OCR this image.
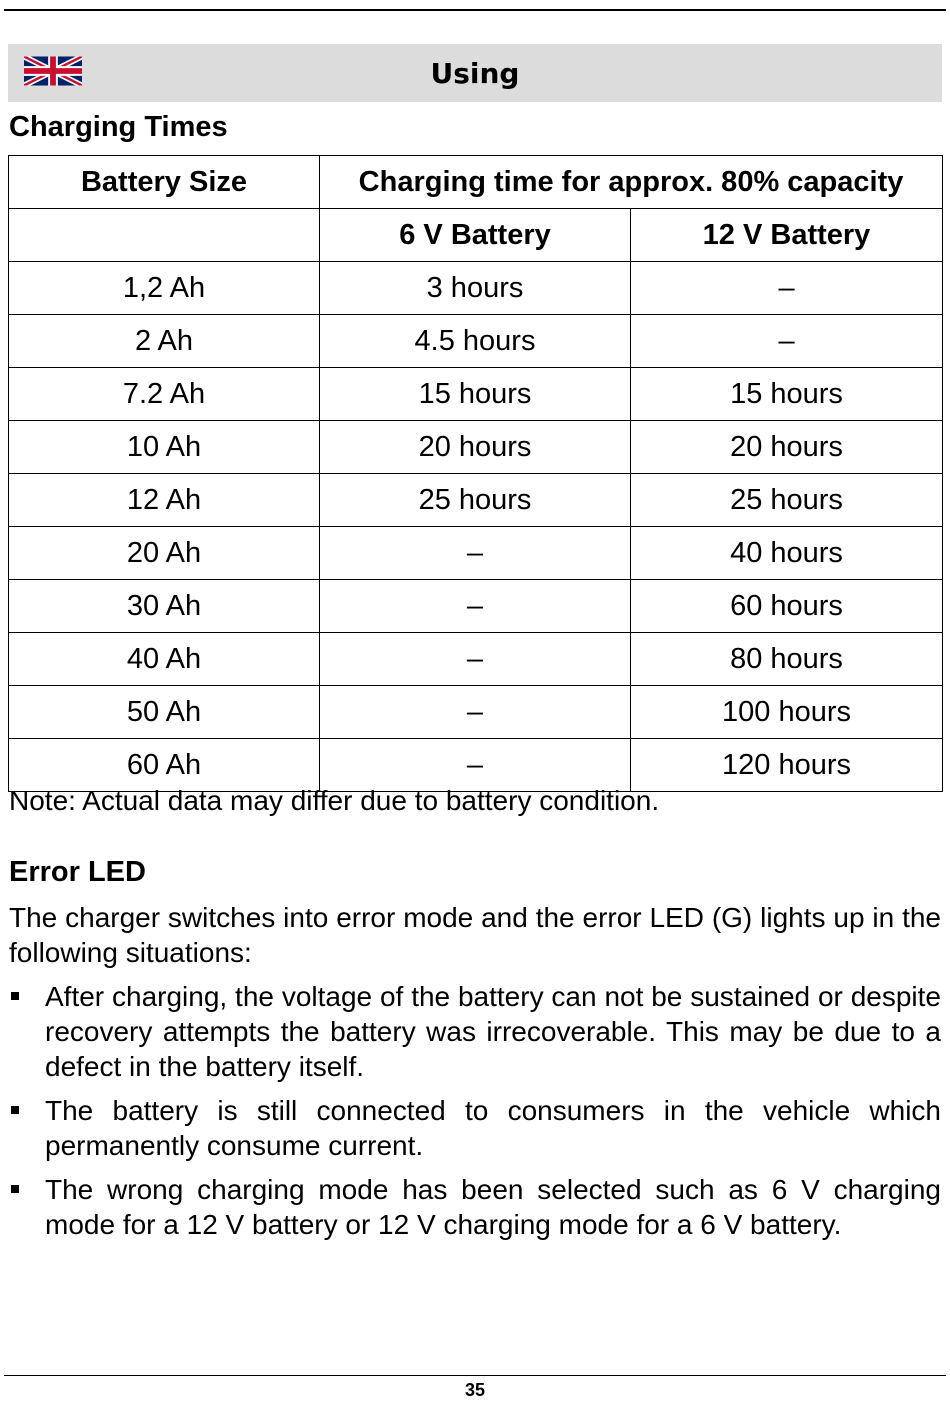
Using
Charging Times
Battery Size	Charging time for approx. 80% capacity	
	6 V Battery	12 V Battery
1,2 Ah	3 hours	–
2 Ah	4.5 hours	–
7.2 Ah	15 hours	15 hours
10 Ah	20 hours	20 hours
12 Ah	25 hours	25 hours
20 Ah	–	40 hours
30 Ah	–	60 hours
40 Ah	–	80 hours
50 Ah	–	100 hours
60 Ah	–	120 hours
Note: Actual data may differ due to battery condition.
Error LED
The charger switches into error mode and the error LED (G) lights up in the following situations:
After charging, the voltage of the battery can not be sustained or despite recovery attempts the battery was irrecoverable. This may be due to a defect in the battery itself.
The battery is still connected to consumers in the vehicle which permanently consume current.
The wrong charging mode has been selected such as 6 V charging mode for a 12 V battery or 12 V charging mode for a 6 V battery.
35
